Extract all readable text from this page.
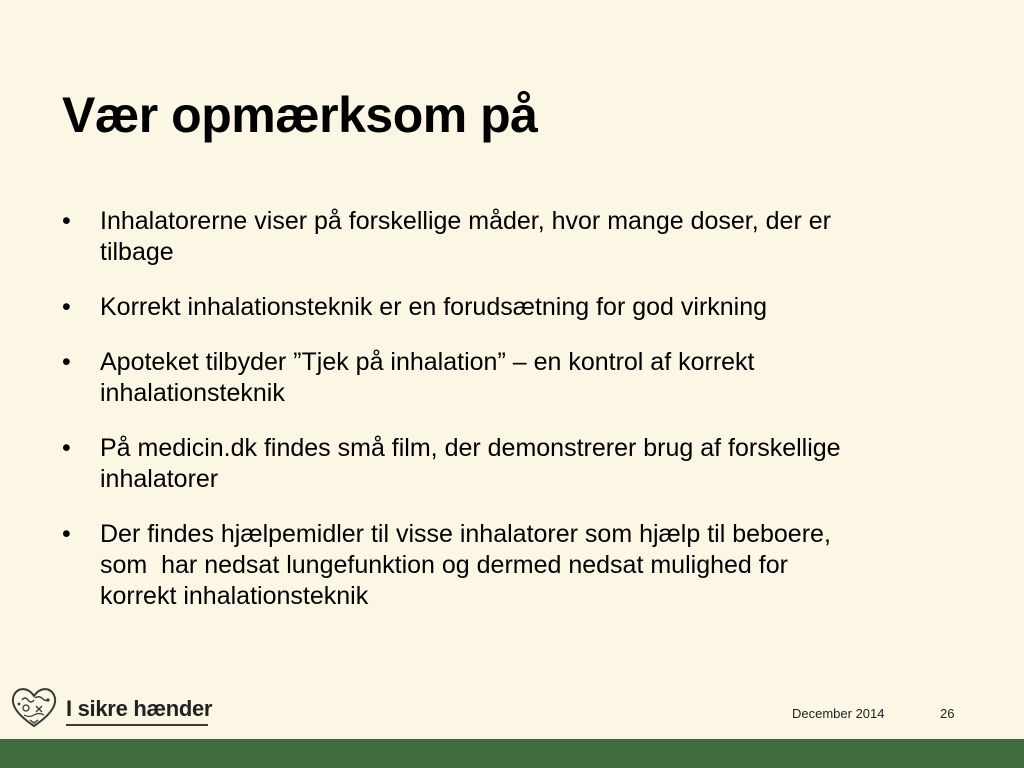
Vær opmærksom på
•	Inhalatorerne viser på forskellige måder, hvor mange doser, der er
tilbage
•	Korrekt inhalationsteknik er en forudsætning for god virkning
•	Apoteket tilbyder ”Tjek på inhalation” – en kontrol af korrekt
inhalationsteknik
•	På medicin.dk findes små film, der demonstrerer brug af forskellige
inhalatorer
•	Der findes hjælpemidler til visse inhalatorer som hjælp til beboere,
som  har nedsat lungefunktion og dermed nedsat mulighed for
korrekt inhalationsteknik
I sikre hænder	December 2014	26
